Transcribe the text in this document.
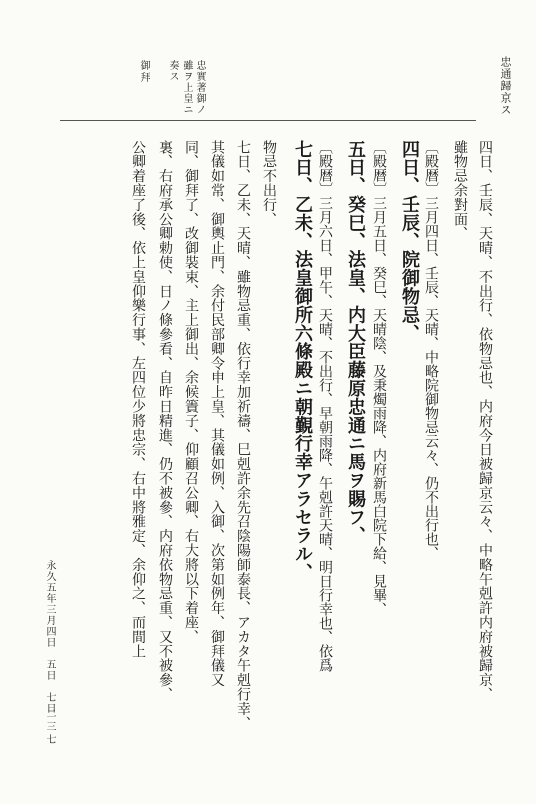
忠通歸京ス
忠實著御ノ
雖ヲ上皇ニ
奏ス
御拜
四日、壬辰、天晴、不出行、依物忌也、内府今日被歸京云々、中略午剋許内府被歸京、
雖物忌余對面、
四日、壬辰、院御物忌、 〔殿暦〕三月四日、壬辰、天晴、中略院御物忌云々、仍不出行也、
五日、癸巳、法皇、内大臣藤原忠通ニ馬ヲ賜フ、 〔殿暦〕三月五日、癸巳、天晴陰、及秉燭雨降、内府新馬白院下給、見畢、
七日、乙未、法皇御所六條殿ニ朝覲行幸アラセラル、 〔殿暦〕三月六日、甲午、天晴、不出行、早朝雨降、午剋許天晴、明日行幸也、依爲
物忌不出行、
七日、乙未、天晴、雖物忌重、依行幸加祈禱、巳剋許余先召陰陽師泰長、アカタ午剋行幸、
其儀如常、御輿止門、余付民部卿令申上皇、其儀如例、入御、次第如例年、御拜儀又
同、御拜了、改御裝束、主上御出、余候簀子、仰顧召公卿、右大將以下着座、
裏、右府承公卿勅使、日ノ條參看、自昨日精進、仍不被參、内府依物忌重、又不被參、
公卿着座了後、依上皇仰樂行事、左四位少將忠宗、右中將雅定、余仰之、而間上
永久五年三月四日　五日　七日
二三七
